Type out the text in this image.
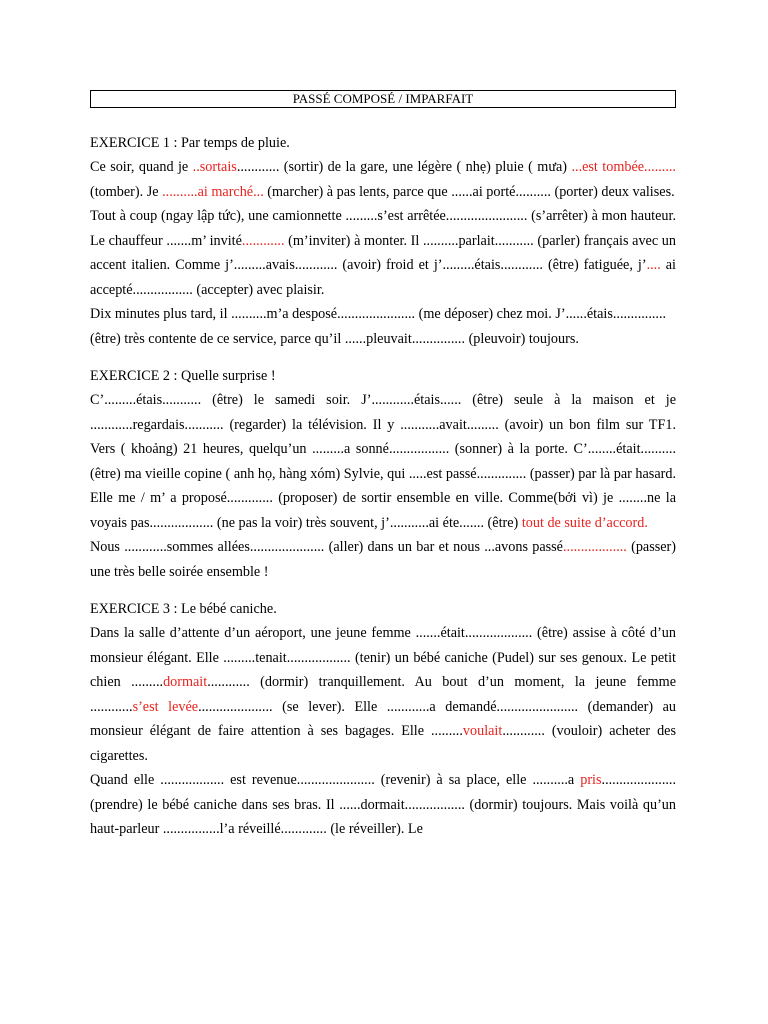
PASSÉ COMPOSÉ / IMPARFAIT

EXERCICE 1 : Par temps de pluie.

Ce soir, quand je ..sortais............ (sortir) de la gare, une légère ( nhẹ) pluie ( mưa) ...est tombée......... (tomber). Je ..........ai marché... (marcher) à pas lents, parce que ......ai porté.......... (porter) deux valises.

Tout à coup (ngay lập tức), une camionnette .........s’est arrêtée....................... (s’arrêter) à mon hauteur. Le chauffeur .......m’ invité............ (m’inviter) à monter. Il ..........parlait........... (parler) français avec un accent italien. Comme j’.........avais............ (avoir) froid et j’.........étais............ (être) fatiguée, j’.... ai accepté................. (accepter) avec plaisir.

Dix minutes plus tard, il ..........m’a desposé...................... (me déposer) chez moi. J’......étais...............

(être) très contente de ce service, parce qu’il ......pleuvait............... (pleuvoir) toujours.

EXERCICE 2 : Quelle surprise !

C’.........étais........... (être) le samedi soir. J’............étais...... (être) seule à la maison et je ............regardais........... (regarder) la télévision. Il y ...........avait......... (avoir) un bon film sur TF1. Vers ( khoảng) 21 heures, quelqu’un .........a sonné................. (sonner) à la porte. C’........était.......... (être) ma vieille copine ( anh họ, hàng xóm) Sylvie, qui .....est passé.............. (passer) par là par hasard. Elle me / m’ a proposé............. (proposer) de sortir ensemble en ville. Comme(bởi vì) je ........ne la voyais pas.................. (ne pas la voir) très souvent, j’...........ai éte....... (être) tout de suite d’accord.

Nous ............sommes allées..................... (aller) dans un bar et nous ...avons passé.................. (passer) une très belle soirée ensemble !

EXERCICE 3 : Le bébé caniche.

Dans la salle d’attente d’un aéroport, une jeune femme .......était................... (être) assise à côté d’un monsieur élégant. Elle .........tenait.................. (tenir) un bébé caniche (Pudel) sur ses genoux. Le petit chien .........dormait............ (dormir) tranquillement. Au bout d’un moment, la jeune femme ............s’est levée..................... (se lever). Elle ............a demandé....................... (demander) au monsieur élégant de faire attention à ses bagages. Elle .........voulait............ (vouloir) acheter des cigarettes.

Quand elle .................. est revenue...................... (revenir) à sa place, elle ..........a pris..................... (prendre) le bébé caniche dans ses bras. Il ......dormait................. (dormir) toujours. Mais voilà qu’un haut-parleur ................l’a réveillé............. (le réveiller). Le
